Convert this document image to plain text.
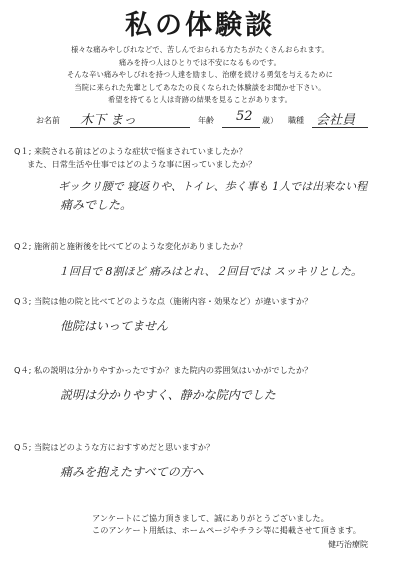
私の体験談
様々な痛みやしびれなどで、苦しんでおられる方たちがたくさんおられます。
痛みを持つ人はひとりでは不安になるものです。
そんな辛い痛みやしびれを持つ人達を励まし、治療を続ける勇気を与えるために
当院に来られた先輩としてあなたの良くなられた体験談をお聞かせ下さい。
希望を持てると人は奇跡の結果を見ることがあります。
お名前 木下 まっ	年齢 52 歳） 職種 会社員
Q１; 来院される前はどのような症状で悩まされていましたか？
また、日常生活や仕事ではどのような事に困っていましたか？
ギックリ腰で 寝返りや、トイレ、歩く事も 1人では出来ない程
痛みでした。
Q２; 施術前と施術後を比べてどのような変化がありましたか？
１回目で 8割ほど 痛みはとれ、２回目では スッキリとした。
Q３; 当院は他の院と比べてどのような点（施術内容・効果など）が違いますか？
他院はいってません
Q４; 私の説明は分かりやすかったですか？また院内の雰囲気はいかがでしたか？
説明は分かりやすく、静かな院内でした
Q５; 当院はどのような方におすすめだと思いますか？
痛みを抱えたすべての方へ
アンケートにご協力頂きまして、誠にありがとうございました。
このアンケート用紙は、ホームページやチラシ等に掲載させて頂きます。
健巧治療院
